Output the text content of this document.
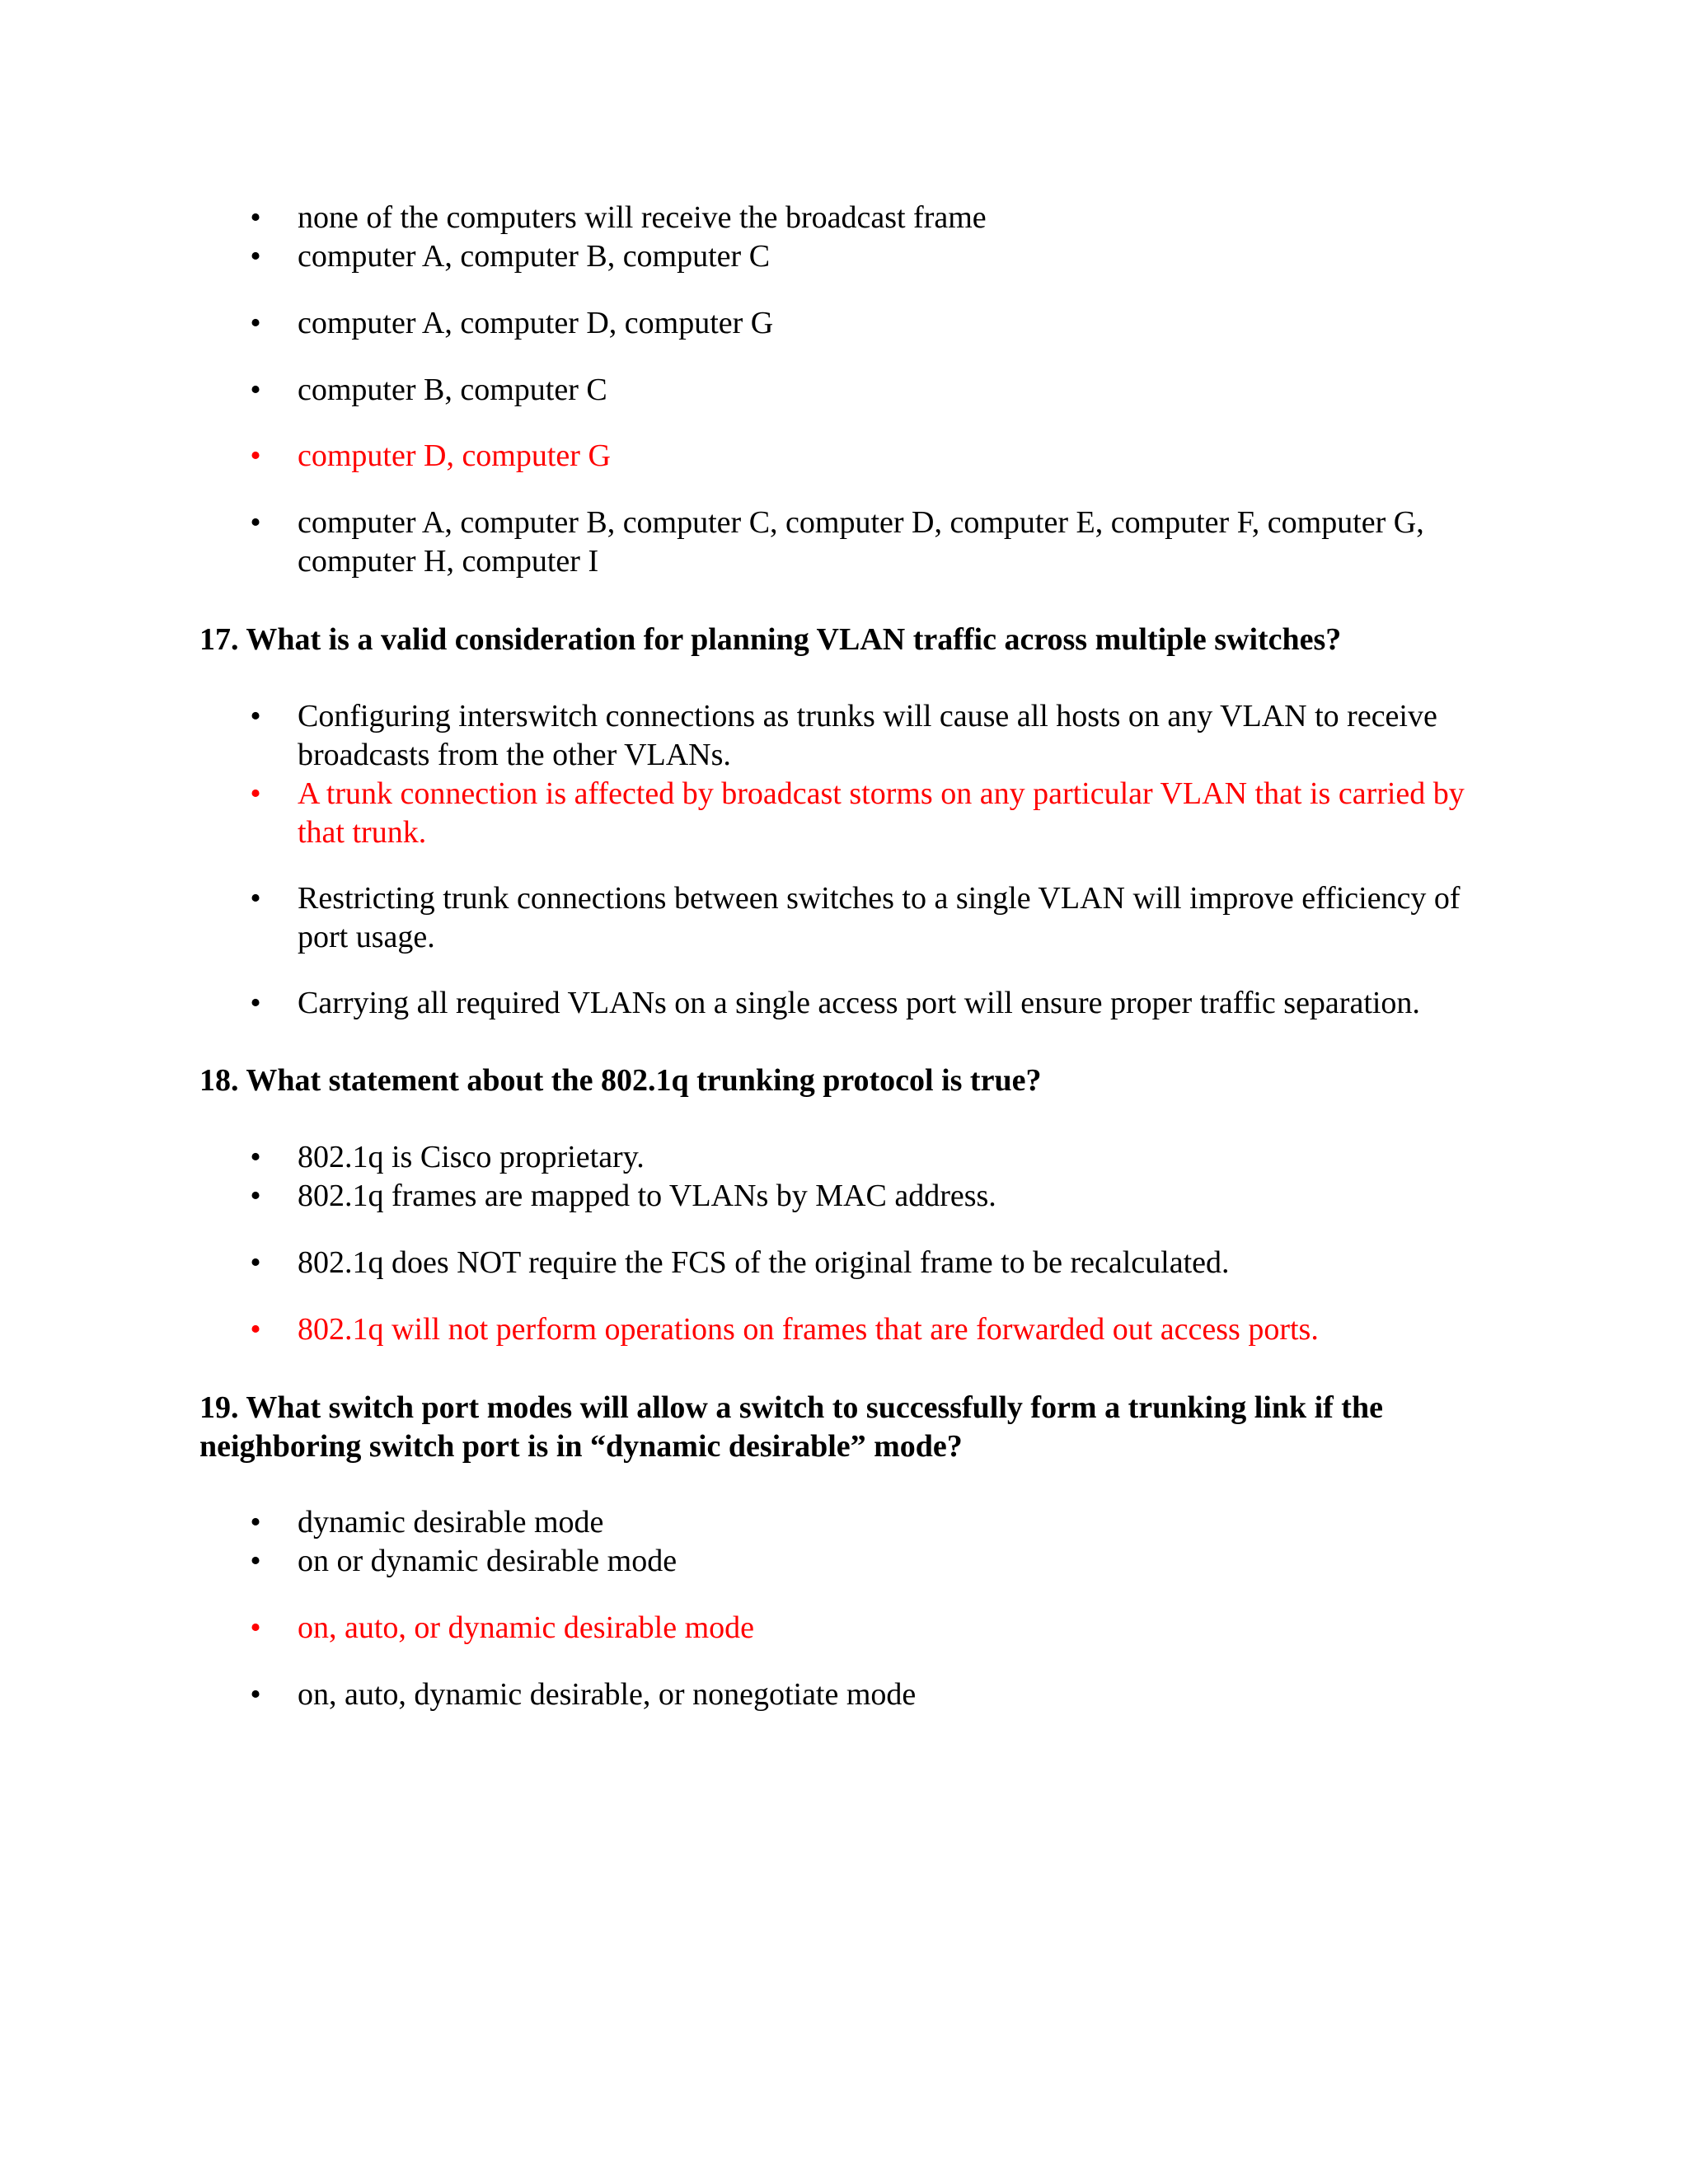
• none of the computers will receive the broadcast frame
• computer A, computer B, computer C
• computer A, computer D, computer G
• computer B, computer C
• computer D, computer G
• computer A, computer B, computer C, computer D, computer E, computer F, computer G, computer H, computer I

17. What is a valid consideration for planning VLAN traffic across multiple switches?

• Configuring interswitch connections as trunks will cause all hosts on any VLAN to receive broadcasts from the other VLANs.
• A trunk connection is affected by broadcast storms on any particular VLAN that is carried by that trunk.
• Restricting trunk connections between switches to a single VLAN will improve efficiency of port usage.
• Carrying all required VLANs on a single access port will ensure proper traffic separation.

18. What statement about the 802.1q trunking protocol is true?

• 802.1q is Cisco proprietary.
• 802.1q frames are mapped to VLANs by MAC address.
• 802.1q does NOT require the FCS of the original frame to be recalculated.
• 802.1q will not perform operations on frames that are forwarded out access ports.

19. What switch port modes will allow a switch to successfully form a trunking link if the neighboring switch port is in “dynamic desirable” mode?

• dynamic desirable mode
• on or dynamic desirable mode
• on, auto, or dynamic desirable mode
• on, auto, dynamic desirable, or nonegotiate mode
